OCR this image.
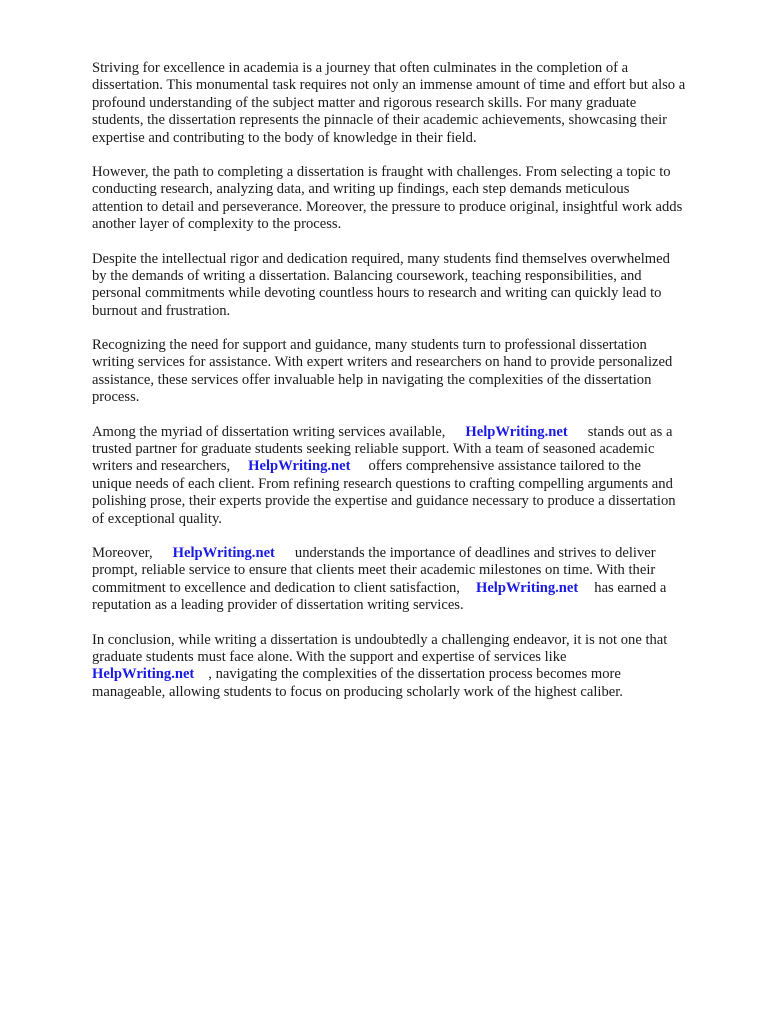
Striving for excellence in academia is a journey that often culminates in the completion of a
dissertation. This monumental task requires not only an immense amount of time and effort but also a
profound understanding of the subject matter and rigorous research skills. For many graduate
students, the dissertation represents the pinnacle of their academic achievements, showcasing their
expertise and contributing to the body of knowledge in their field.

However, the path to completing a dissertation is fraught with challenges. From selecting a topic to
conducting research, analyzing data, and writing up findings, each step demands meticulous
attention to detail and perseverance. Moreover, the pressure to produce original, insightful work adds
another layer of complexity to the process.

Despite the intellectual rigor and dedication required, many students find themselves overwhelmed
by the demands of writing a dissertation. Balancing coursework, teaching responsibilities, and
personal commitments while devoting countless hours to research and writing can quickly lead to
burnout and frustration.

Recognizing the need for support and guidance, many students turn to professional dissertation
writing services for assistance. With expert writers and researchers on hand to provide personalized
assistance, these services offer invaluable help in navigating the complexities of the dissertation
process.

Among the myriad of dissertation writing services available, HelpWriting.net stands out as a
trusted partner for graduate students seeking reliable support. With a team of seasoned academic
writers and researchers, HelpWriting.net offers comprehensive assistance tailored to the
unique needs of each client. From refining research questions to crafting compelling arguments and
polishing prose, their experts provide the expertise and guidance necessary to produce a dissertation
of exceptional quality.

Moreover, HelpWriting.net understands the importance of deadlines and strives to deliver
prompt, reliable service to ensure that clients meet their academic milestones on time. With their
commitment to excellence and dedication to client satisfaction, HelpWriting.net has earned a
reputation as a leading provider of dissertation writing services.

In conclusion, while writing a dissertation is undoubtedly a challenging endeavor, it is not one that
graduate students must face alone. With the support and expertise of services like
HelpWriting.net , navigating the complexities of the dissertation process becomes more
manageable, allowing students to focus on producing scholarly work of the highest caliber.
